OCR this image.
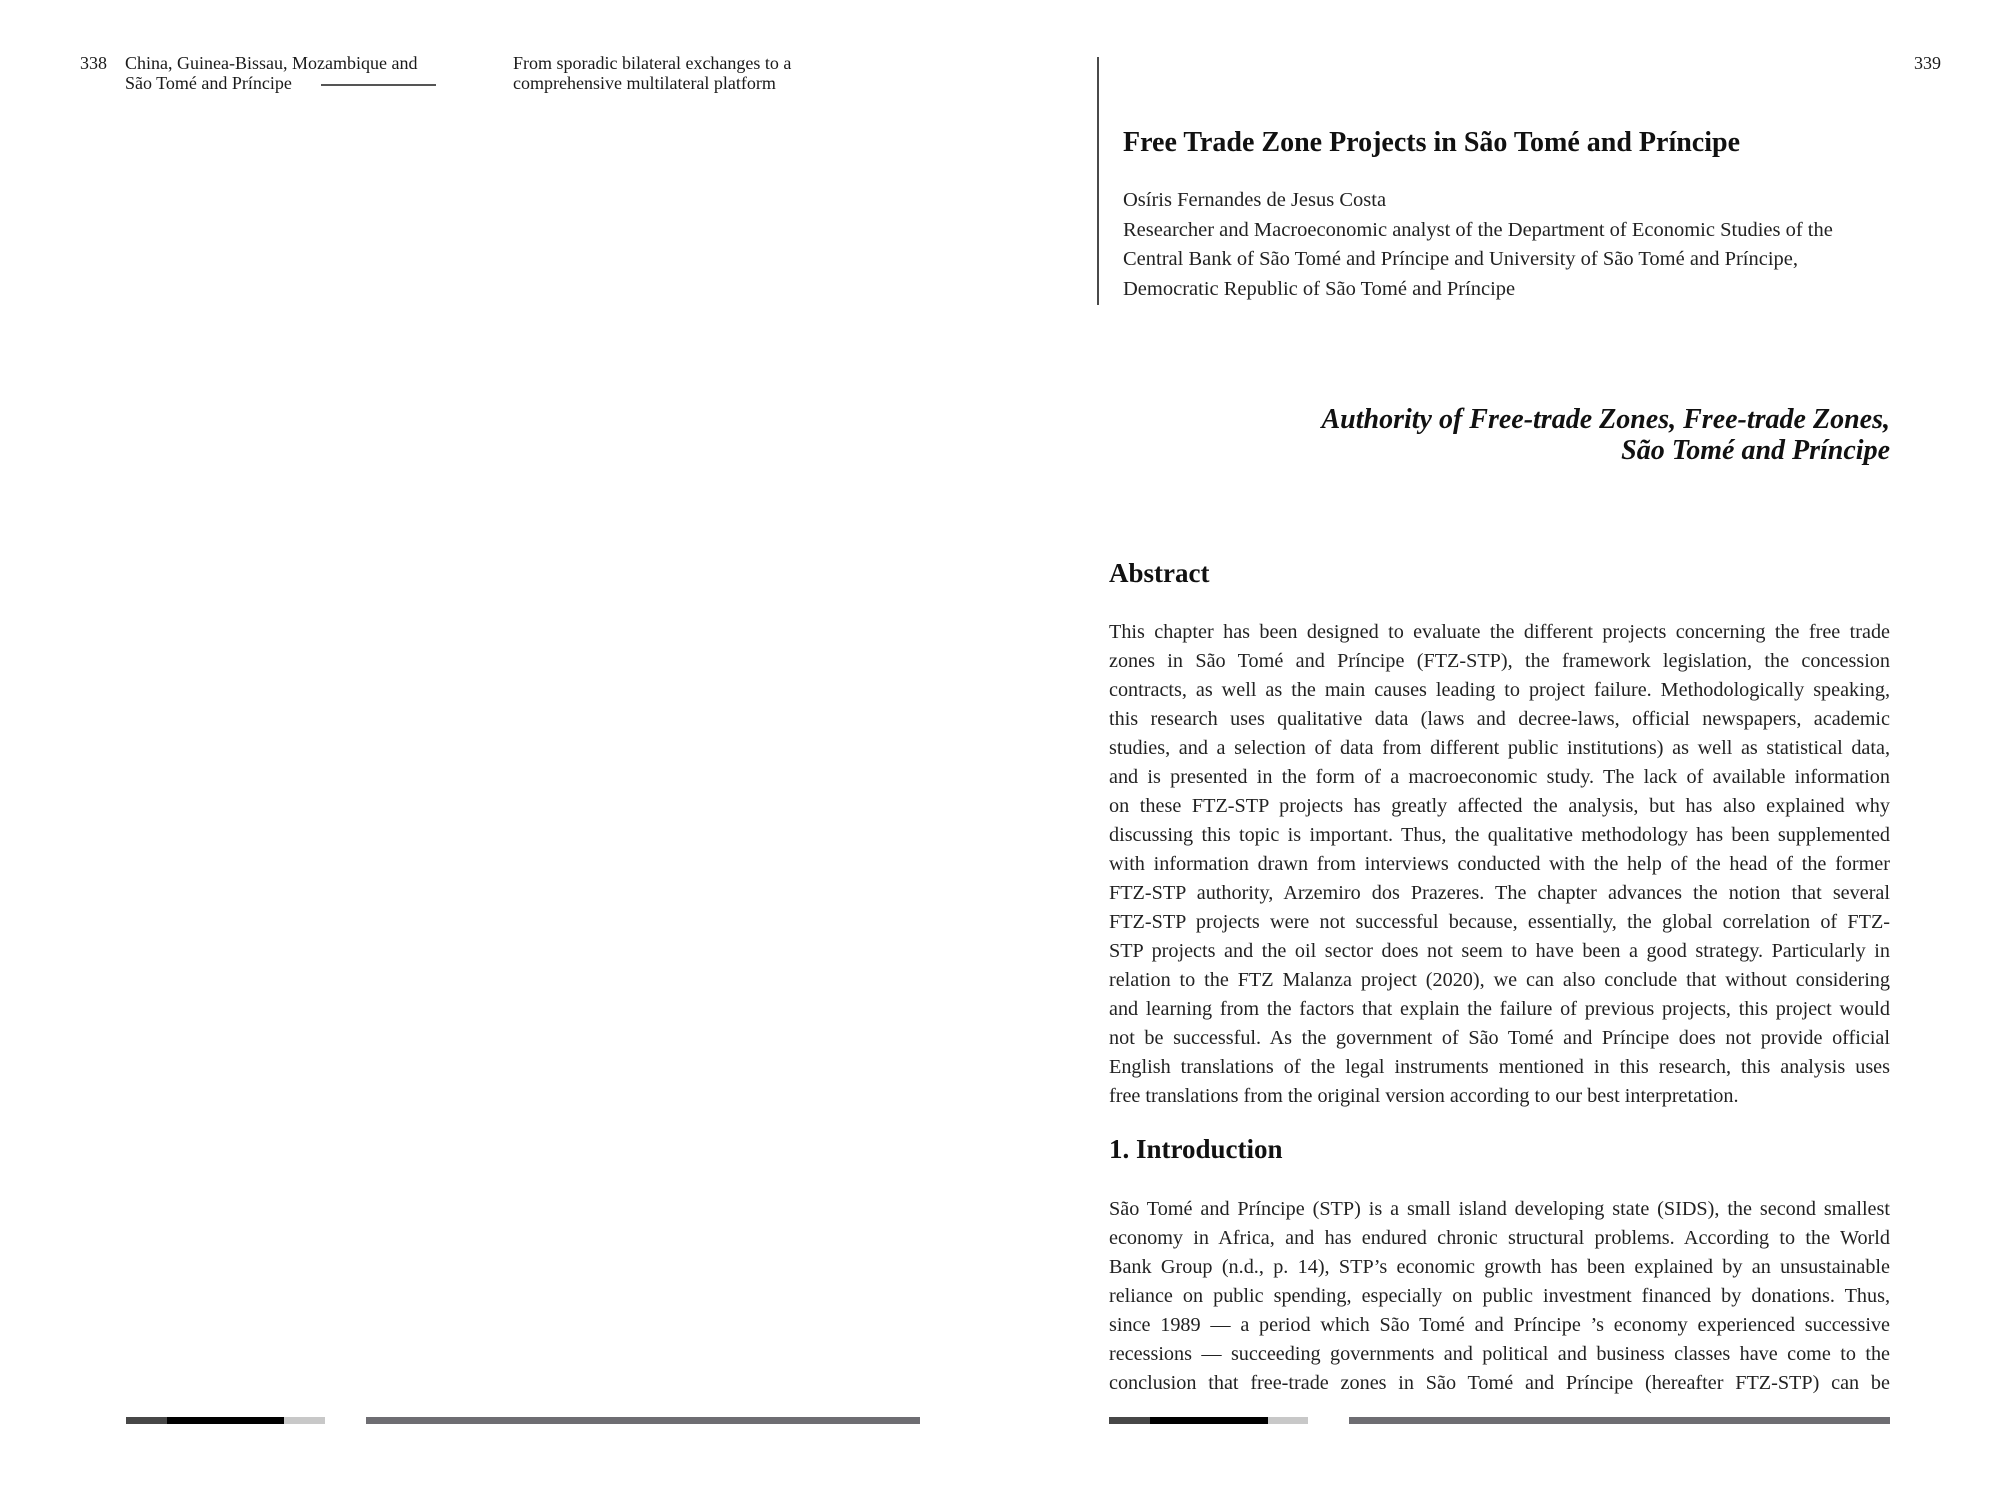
338 China, Guinea-Bissau, Mozambique and
São Tomé and Príncipe
From sporadic bilateral exchanges to a
comprehensive multilateral platform
339
Free Trade Zone Projects in São Tomé and Príncipe
Osíris Fernandes de Jesus Costa
Researcher and Macroeconomic analyst of the Department of Economic Studies of the
Central Bank of São Tomé and Príncipe and University of São Tomé and Príncipe,
Democratic Republic of São Tomé and Príncipe
Authority of Free-trade Zones, Free-trade Zones,
São Tomé and Príncipe
Abstract
This chapter has been designed to evaluate the different projects concerning the free trade
zones in São Tomé and Príncipe (FTZ-STP), the framework legislation, the concession
contracts, as well as the main causes leading to project failure. Methodologically speaking,
this research uses qualitative data (laws and decree-laws, official newspapers, academic
studies, and a selection of data from different public institutions) as well as statistical data,
and is presented in the form of a macroeconomic study. The lack of available information
on these FTZ-STP projects has greatly affected the analysis, but has also explained why
discussing this topic is important. Thus, the qualitative methodology has been supplemented
with information drawn from interviews conducted with the help of the head of the former
FTZ-STP authority, Arzemiro dos Prazeres. The chapter advances the notion that several
FTZ-STP projects were not successful because, essentially, the global correlation of FTZ-
STP projects and the oil sector does not seem to have been a good strategy. Particularly in
relation to the FTZ Malanza project (2020), we can also conclude that without considering
and learning from the factors that explain the failure of previous projects, this project would
not be successful. As the government of São Tomé and Príncipe does not provide official
English translations of the legal instruments mentioned in this research, this analysis uses
free translations from the original version according to our best interpretation.
1. Introduction
São Tomé and Príncipe (STP) is a small island developing state (SIDS), the second smallest
economy in Africa, and has endured chronic structural problems. According to the World
Bank Group (n.d., p. 14), STP’s economic growth has been explained by an unsustainable
reliance on public spending, especially on public investment financed by donations. Thus,
since 1989 — a period which São Tomé and Príncipe ’s economy experienced successive
recessions — succeeding governments and political and business classes have come to the
conclusion that free-trade zones in São Tomé and Príncipe (hereafter FTZ-STP) can be
